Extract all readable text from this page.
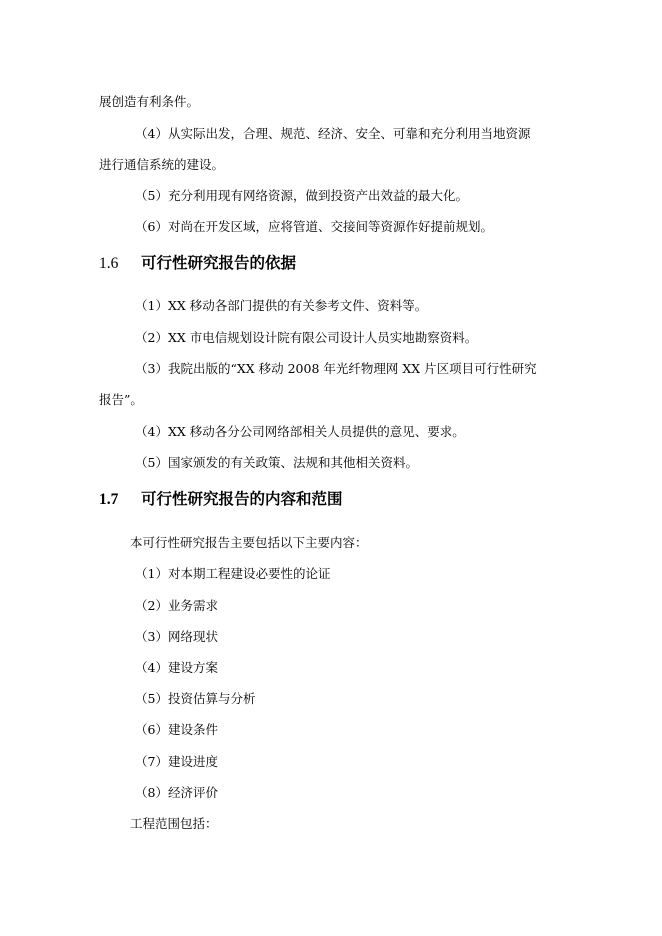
展创造有利条件。

（4）从实际出发，合理、规范、经济、安全、可靠和充分利用当地资源

进行通信系统的建设。

（5）充分利用现有网络资源，做到投资产出效益的最大化。

（6）对尚在开发区域，应将管道、交接间等资源作好提前规划。

1.6 可行性研究报告的依据

（1）XX 移动各部门提供的有关参考文件、资料等。

（2）XX 市电信规划设计院有限公司设计人员实地勘察资料。

（3）我院出版的“XX 移动 2008 年光纤物理网 XX 片区项目可行性研究

报告”。

（4）XX 移动各分公司网络部相关人员提供的意见、要求。

（5）国家颁发的有关政策、法规和其他相关资料。

1.7 可行性研究报告的内容和范围

本可行性研究报告主要包括以下主要内容：

（1）对本期工程建设必要性的论证

（2）业务需求

（3）网络现状

（4）建设方案

（5）投资估算与分析

（6）建设条件

（7）建设进度

（8）经济评价

工程范围包括：
